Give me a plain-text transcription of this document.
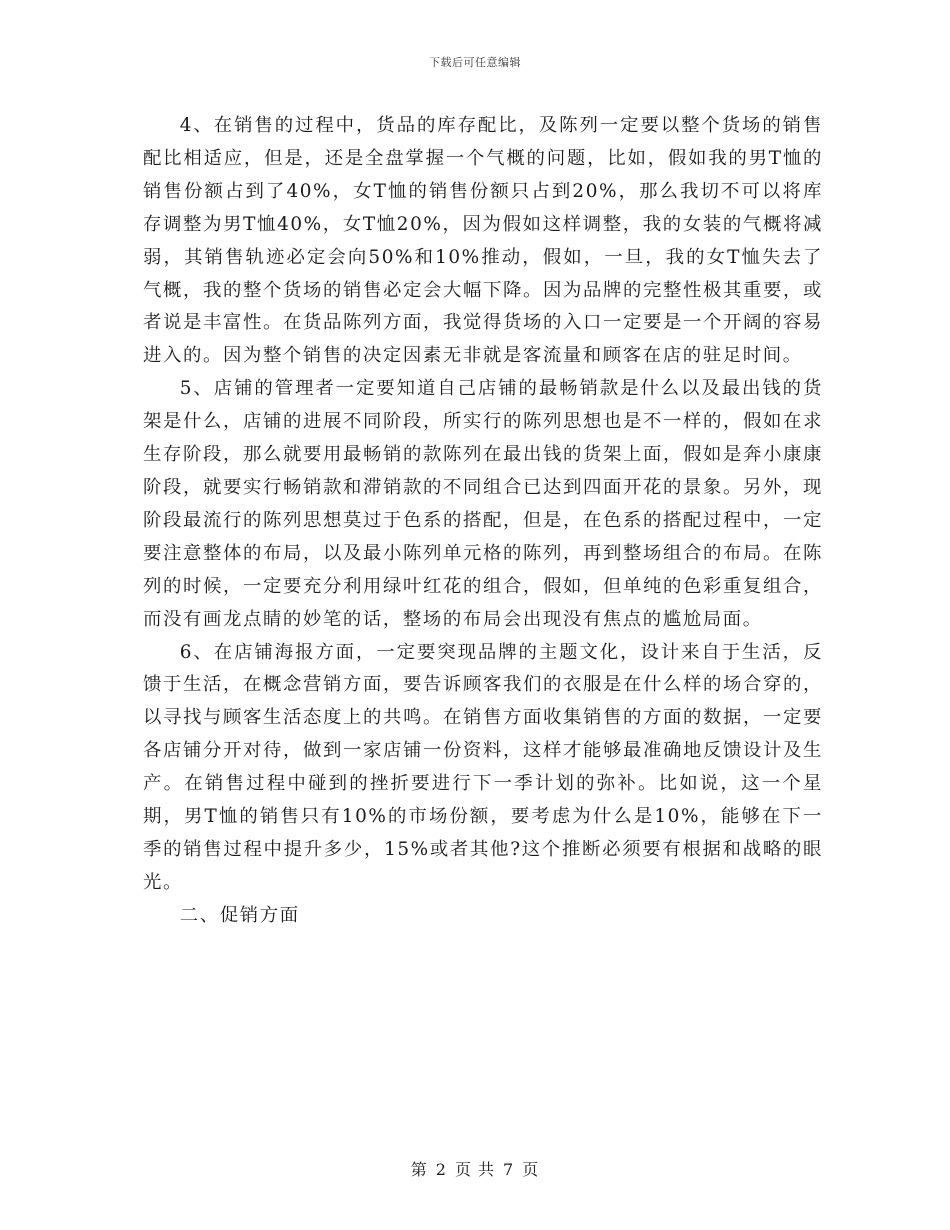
下载后可任意编辑

4、在销售的过程中，货品的库存配比，及陈列一定要以整个货场的销售配比相适应，但是，还是全盘掌握一个气概的问题，比如，假如我的男T恤的销售份额占到了40%，女T恤的销售份额只占到20%，那么我切不可以将库存调整为男T恤40%，女T恤20%，因为假如这样调整，我的女装的气概将减弱，其销售轨迹必定会向50%和10%推动，假如，一旦，我的女T恤失去了气概，我的整个货场的销售必定会大幅下降。因为品牌的完整性极其重要，或者说是丰富性。在货品陈列方面，我觉得货场的入口一定要是一个开阔的容易进入的。因为整个销售的决定因素无非就是客流量和顾客在店的驻足时间。

5、店铺的管理者一定要知道自己店铺的最畅销款是什么以及最出钱的货架是什么，店铺的进展不同阶段，所实行的陈列思想也是不一样的，假如在求生存阶段，那么就要用最畅销的款陈列在最出钱的货架上面，假如是奔小康康阶段，就要实行畅销款和滞销款的不同组合已达到四面开花的景象。另外，现阶段最流行的陈列思想莫过于色系的搭配，但是，在色系的搭配过程中，一定要注意整体的布局，以及最小陈列单元格的陈列，再到整场组合的布局。在陈列的时候，一定要充分利用绿叶红花的组合，假如，但单纯的色彩重复组合，而没有画龙点睛的妙笔的话，整场的布局会出现没有焦点的尴尬局面。

6、在店铺海报方面，一定要突现品牌的主题文化，设计来自于生活，反馈于生活，在概念营销方面，要告诉顾客我们的衣服是在什么样的场合穿的，以寻找与顾客生活态度上的共鸣。在销售方面收集销售的方面的数据，一定要各店铺分开对待，做到一家店铺一份资料，这样才能够最准确地反馈设计及生产。在销售过程中碰到的挫折要进行下一季计划的弥补。比如说，这一个星期，男T恤的销售只有10%的市场份额，要考虑为什么是10%，能够在下一季的销售过程中提升多少，15%或者其他?这个推断必须要有根据和战略的眼光。

二、促销方面

第 2 页 共 7 页
